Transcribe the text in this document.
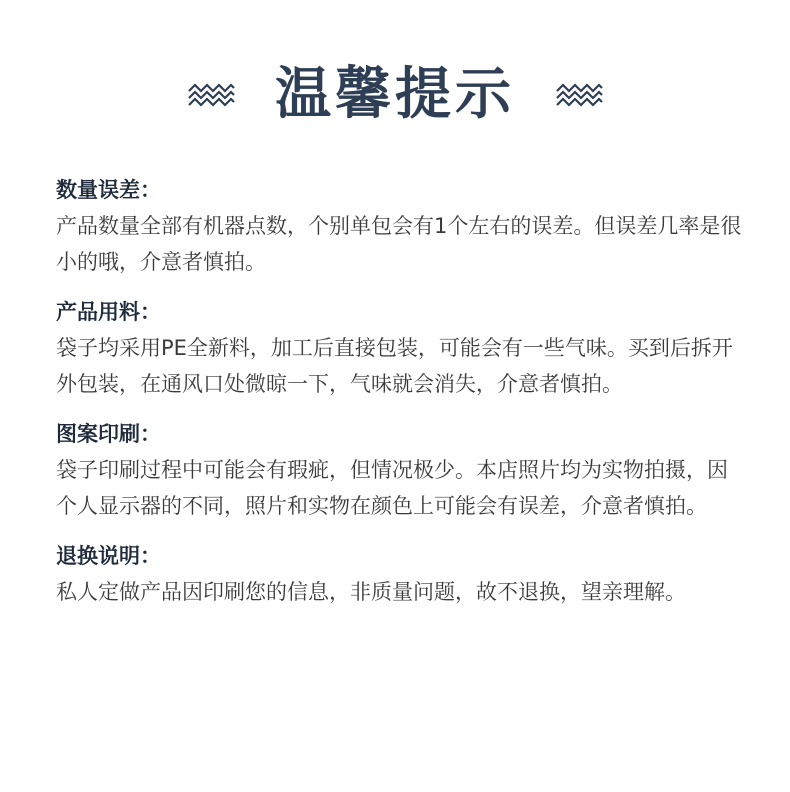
温馨提示
数量误差：
产品数量全部有机器点数，个别单包会有1个左右的误差。但误差几率是很小的哦，介意者慎拍。
产品用料：
袋子均采用PE全新料，加工后直接包装，可能会有一些气味。买到后拆开外包装，在通风口处微晾一下，气味就会消失，介意者慎拍。
图案印刷：
袋子印刷过程中可能会有瑕疵，但情况极少。本店照片均为实物拍摄，因个人显示器的不同，照片和实物在颜色上可能会有误差，介意者慎拍。
退换说明：
私人定做产品因印刷您的信息，非质量问题，故不退换，望亲理解。
